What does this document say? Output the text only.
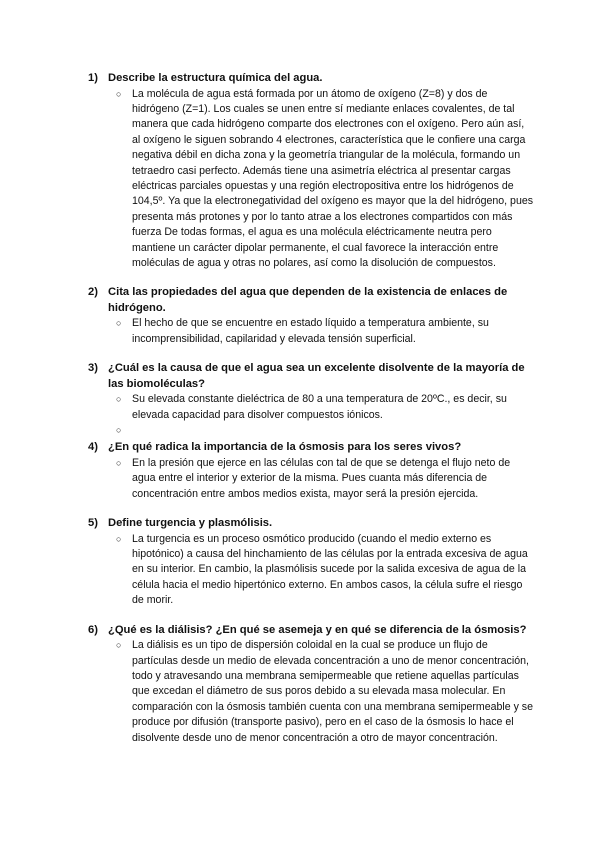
1) Describe la estructura química del agua.
○ La molécula de agua está formada por un átomo de oxígeno (Z=8) y dos de hidrógeno (Z=1). Los cuales se unen entre sí mediante enlaces covalentes, de tal manera que cada hidrógeno comparte dos electrones con el oxígeno. Pero aún así, al oxígeno le siguen sobrando 4 electrones, característica que le confiere una carga negativa débil en dicha zona y la geometría triangular de la molécula, formando un tetraedro casi perfecto. Además tiene una asimetría eléctrica al presentar cargas eléctricas parciales opuestas y una región electropositiva entre los hidrógenos de 104,5º. Ya que la electronegatividad del oxígeno es mayor que la del hidrógeno, pues presenta más protones y por lo tanto atrae a los electrones compartidos con más fuerza De todas formas, el agua es una molécula eléctricamente neutra pero mantiene un carácter dipolar permanente, el cual favorece la interacción entre moléculas de agua y otras no polares, así como la disolución de compuestos.
2) Cita las propiedades del agua que dependen de la existencia de enlaces de hidrógeno.
○ El hecho de que se encuentre en estado líquido a temperatura ambiente, su incomprensibilidad, capilaridad y elevada tensión superficial.
3) ¿Cuál es la causa de que el agua sea un excelente disolvente de la mayoría de las biomoléculas?
○ Su elevada constante dieléctrica de 80 a una temperatura de 20ºC., es decir, su elevada capacidad para disolver compuestos iónicos.
○
4) ¿En qué radica la importancia de la ósmosis para los seres vivos?
○ En la presión que ejerce en las células con tal de que se detenga el flujo neto de agua entre el interior y exterior de la misma. Pues cuanta más diferencia de concentración entre ambos medios exista, mayor será la presión ejercida.
5) Define turgencia y plasmólisis.
○ La turgencia es un proceso osmótico producido (cuando el medio externo es hipotónico) a causa del hinchamiento de las células por la entrada excesiva de agua en su interior. En cambio, la plasmólisis sucede por la salida excesiva de agua de la célula hacia el medio hipertónico externo. En ambos casos, la célula sufre el riesgo de morir.
6) ¿Qué es la diálisis? ¿En qué se asemeja y en qué se diferencia de la ósmosis?
○ La diálisis es un tipo de dispersión coloidal en la cual se produce un flujo de partículas desde un medio de elevada concentración a uno de menor concentración, todo y atravesando una membrana semipermeable que retiene aquellas partículas que excedan el diámetro de sus poros debido a su elevada masa molecular. En comparación con la ósmosis también cuenta con una membrana semipermeable y se produce por difusión (transporte pasivo), pero en el caso de la ósmosis lo hace el disolvente desde uno de menor concentración a otro de mayor concentración.
